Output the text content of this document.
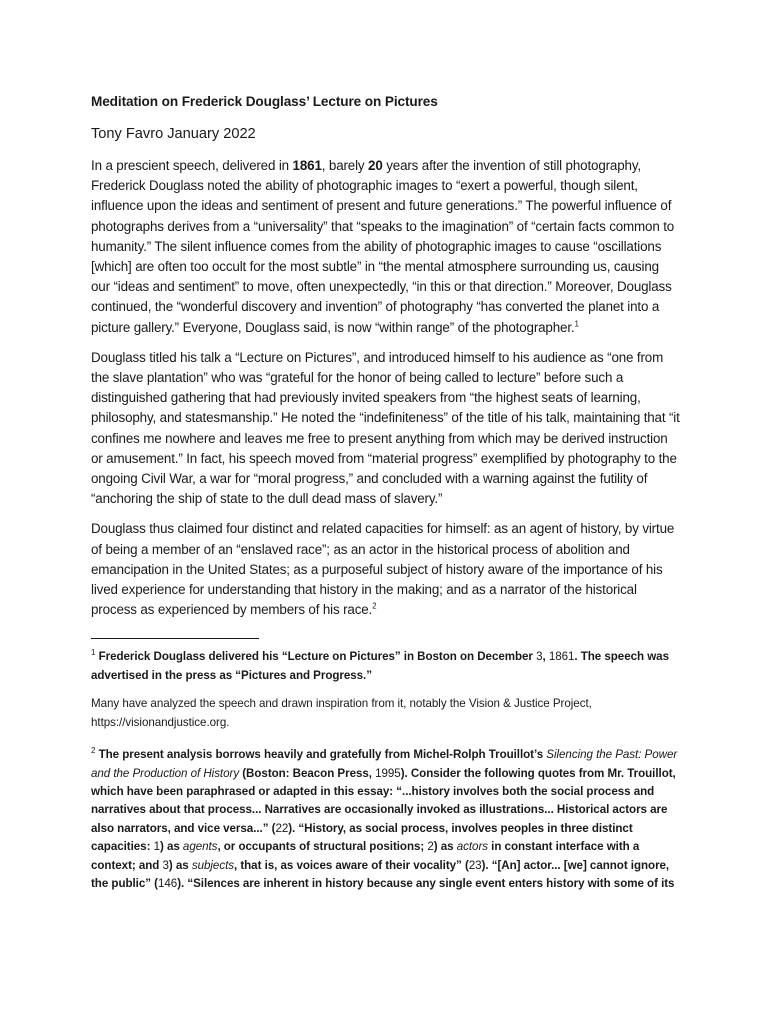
Meditation on Frederick Douglass’ Lecture on Pictures
Tony Favro January 2022

In a prescient speech, delivered in 1861, barely 20 years after the invention of still photography, Frederick Douglass noted the ability of photographic images to “exert a powerful, though silent, influence upon the ideas and sentiment of present and future generations.” The powerful influence of photographs derives from a “universality” that “speaks to the imagination” of “certain facts common to humanity.” The silent influence comes from the ability of photographic images to cause “oscillations [which] are often too occult for the most subtle” in “the mental atmosphere surrounding us, causing our “ideas and sentiment” to move, often unexpectedly, “in this or that direction.” Moreover, Douglass continued, the “wonderful discovery and invention” of photography “has converted the planet into a picture gallery.” Everyone, Douglass said, is now “within range” of the photographer.$^1$

Douglass titled his talk a “Lecture on Pictures”, and introduced himself to his audience as “one from the slave plantation” who was “grateful for the honor of being called to lecture” before such a distinguished gathering that had previously invited speakers from “the highest seats of learning, philosophy, and statesmanship.” He noted the “indefiniteness” of the title of his talk, maintaining that “it confines me nowhere and leaves me free to present anything from which may be derived instruction or amusement.” In fact, his speech moved from “material progress” exemplified by photography to the ongoing Civil War, a war for “moral progress,” and concluded with a warning against the futility of “anchoring the ship of state to the dull dead mass of slavery.”

Douglass thus claimed four distinct and related capacities for himself: as an agent of history, by virtue of being a member of an “enslaved race”; as an actor in the historical process of abolition and emancipation in the United States; as a purposeful subject of history aware of the importance of his lived experience for understanding that history in the making; and as a narrator of the historical process as experienced by members of his race.$^2$

$^1$ Frederick Douglass delivered his “Lecture on Pictures” in Boston on December 3, 1861. The speech was advertised in the press as “Pictures and Progress.”

Many have analyzed the speech and drawn inspiration from it, notably the Vision & Justice Project, https://visionandjustice.org.

$^2$ The present analysis borrows heavily and gratefully from Michel-Rolph Trouillot’s Silencing the Past: Power and the Production of History (Boston: Beacon Press, 1995). Consider the following quotes from Mr. Trouillot, which have been paraphrased or adapted in this essay: “...history involves both the social process and narratives about that process... Narratives are occasionally invoked as illustrations... Historical actors are also narrators, and vice versa...” (22). “History, as social process, involves peoples in three distinct capacities: 1) as agents, or occupants of structural positions; 2) as actors in constant interface with a context; and 3) as subjects, that is, as voices aware of their vocality” (23). “[An] actor... [we] cannot ignore, the public” (146). “Silences are inherent in history because any single event enters history with some of its
